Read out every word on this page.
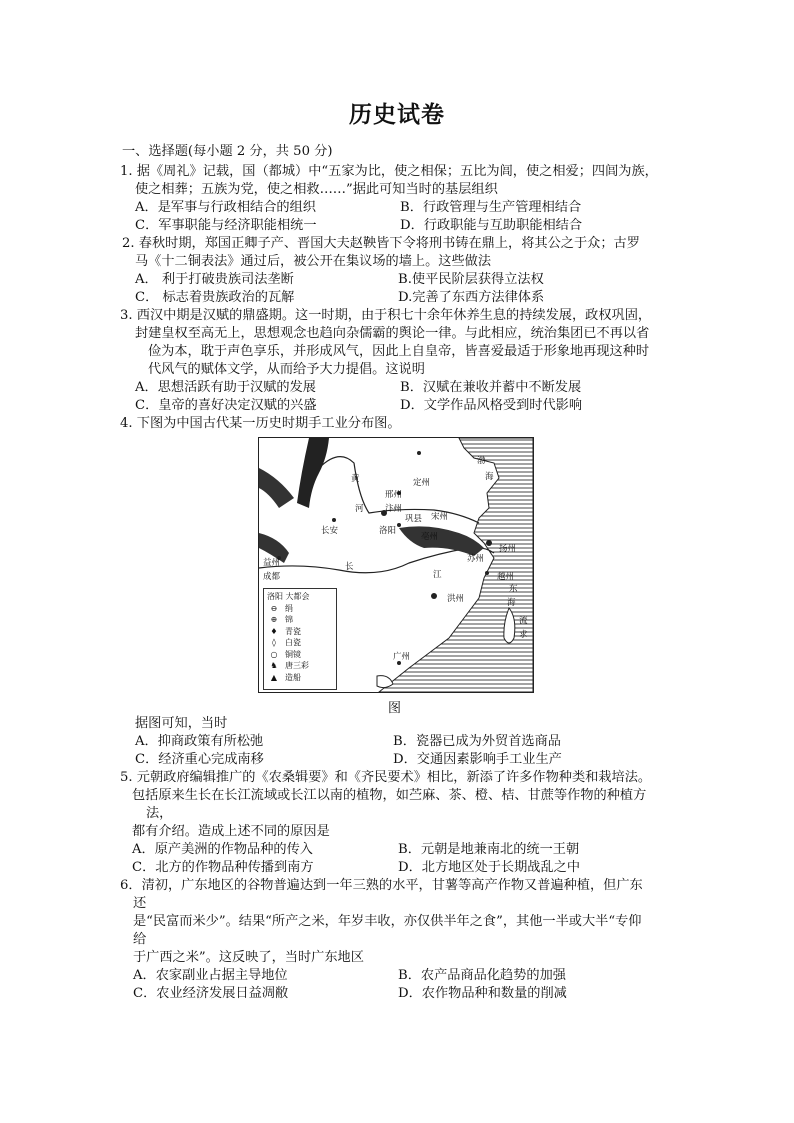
历史试卷
一、选择题(每小题 2 分，共 50 分)
1. 据《周礼》记载，国（都城）中“五家为比，使之相保；五比为闾，使之相爱；四闾为族，
使之相葬；五族为党，使之相救……”据此可知当时的基层组织
A．是军事与行政相结合的组织	B．行政管理与生产管理相结合
C．军事职能与经济职能相统一	D．行政职能与互助职能相结合
2. 春秋时期，郑国正卿子产、晋国大夫赵鞅皆下令将刑书铸在鼎上，将其公之于众；古罗
马《十二铜表法》通过后，被公开在集议场的墙上。这些做法
A． 利于打破贵族司法垄断	B.使平民阶层获得立法权
C． 标志着贵族政治的瓦解	D.完善了东西方法律体系
3. 西汉中期是汉赋的鼎盛期。这一时期，由于积七十余年休养生息的持续发展，政权巩固，
封建皇权至高无上，思想观念也趋向杂儒霸的舆论一律。与此相应，统治集团已不再以省
俭为本，耽于声色享乐，并形成风气，因此上自皇帝，皆喜爱最适于形象地再现这种时
代风气的赋体文学，从而给予大力提倡。这说明
A．思想活跃有助于汉赋的发展	B．汉赋在兼收并蓄中不断发展
C．皇帝的喜好决定汉赋的兴盛	D．文学作品风格受到时代影响
4. 下图为中国古代某一历史时期手工业分布图。
黄	定州
邢州
河	汴州
宋州
长安	洛阳
巩县
亳州
扬州
益州
成都
长
江
洪州
越州
苏州
广州
渤
海
东
海
流
求
洛阳 大都会
⊖ 绢
⊕ 锦
♦ 青瓷
◊	白瓷
○ 铜镜
♞ 唐三彩
▲ 造船
图
据图可知，当时
A．抑商政策有所松弛	B．瓷器已成为外贸首选商品
C．经济重心完成南移	D．交通因素影响手工业生产
5. 元朝政府编辑推广的《农桑辑要》和《齐民要术》相比，新添了许多作物种类和栽培法。
包括原来生长在长江流域或长江以南的植物，如苎麻、茶、橙、桔、甘蔗等作物的种植方
法，
都有介绍。造成上述不同的原因是
A．原产美洲的作物品种的传入	B．元朝是地兼南北的统一王朝
C．北方的作物品种传播到南方	D．北方地区处于长期战乱之中
6．清初，广东地区的谷物普遍达到一年三熟的水平，甘薯等高产作物又普遍种植，但广东
还
是“民富而米少”。结果“所产之米，年岁丰收，亦仅供半年之食”，其他一半或大半“专仰
给
于广西之米”。这反映了，当时广东地区
A．农家副业占据主导地位	B．农产品商品化趋势的加强
C．农业经济发展日益凋敝	D．农作物品种和数量的削减
